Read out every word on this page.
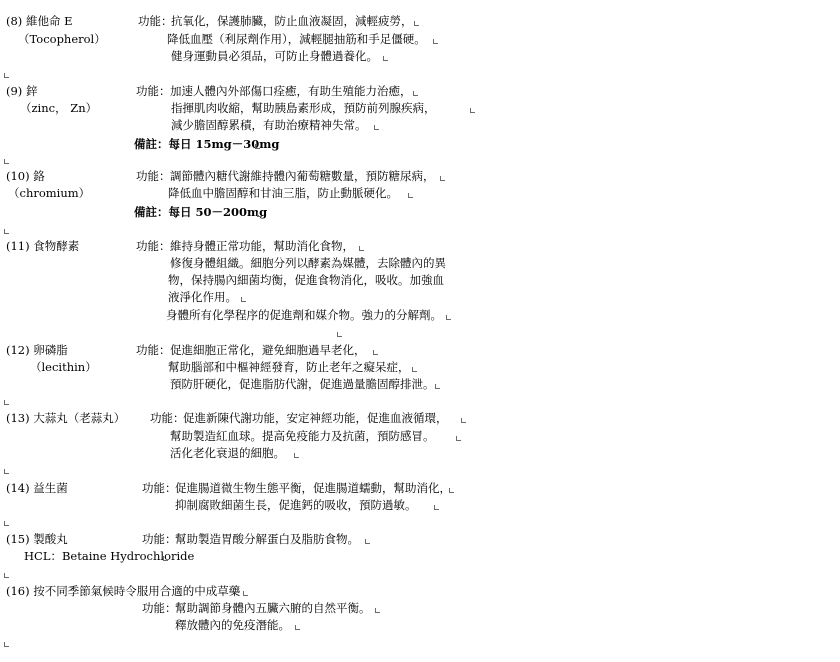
(8) 維他命 E
（Tocopherol）
功能：
抗氧化，保護肺臟，防止血液凝固，減輕疲勞，
降低血壓（利尿劑作用），減輕腿抽筋和手足僵硬。
健身運動員必須品，可防止身體過養化。
(9) 鋅
（zinc， Zn）
功能： 加速人體內外部傷口痊癒，有助生殖能力治癒，
指揮肌肉收縮，幫助胰島素形成，預防前列腺疾病，
減少膽固醇累積，有助治療精神失常。
備註：每日 15mg－30mg
(10) 鉻
（chromium）
功能： 調節體內糖代謝維持體內葡萄糖數量，預防糖尿病，
降低血中膽固醇和甘油三脂，防止動脈硬化。
備註：每日 50－200mg
(11) 食物酵素	功能： 維持身體正常功能，幫助消化食物，
修復身體組織。細胞分列以酵素為媒體，去除體內的異
物，保持腸內細菌均衡，促進食物消化，吸收。加強血
液淨化作用。
身體所有化學程序的促進劑和媒介物。強力的分解劑。
(12) 卵磷脂
（lecithin）
功能： 促進細胞正常化，避免細胞過早老化，
幫助腦部和中樞神經發育，防止老年之癡呆症，
預防肝硬化，促進脂肪代謝，促進過量膽固醇排泄。
(13) 大蒜丸（老蒜丸） 功能：
促進新陳代謝功能，安定神經功能，促進血液循環，
幫助製造紅血球。提高免疫能力及抗菌，預防感冒。
活化老化衰退的細胞。
(14) 益生菌	功能：
促進腸道微生物生態平衡，促進腸道蠕動，幫助消化，
抑制腐敗細菌生長，促進鈣的吸收，預防過敏。
(15) 製酸丸
HCL：Betaine Hydrochloride
功能：
幫助製造胃酸分解蛋白及脂肪食物。
(16) 按不同季節氣候時令服用合適的中成草藥
功能：
幫助調節身體內五臟六腑的自然平衡。
釋放體內的免疫潛能。
